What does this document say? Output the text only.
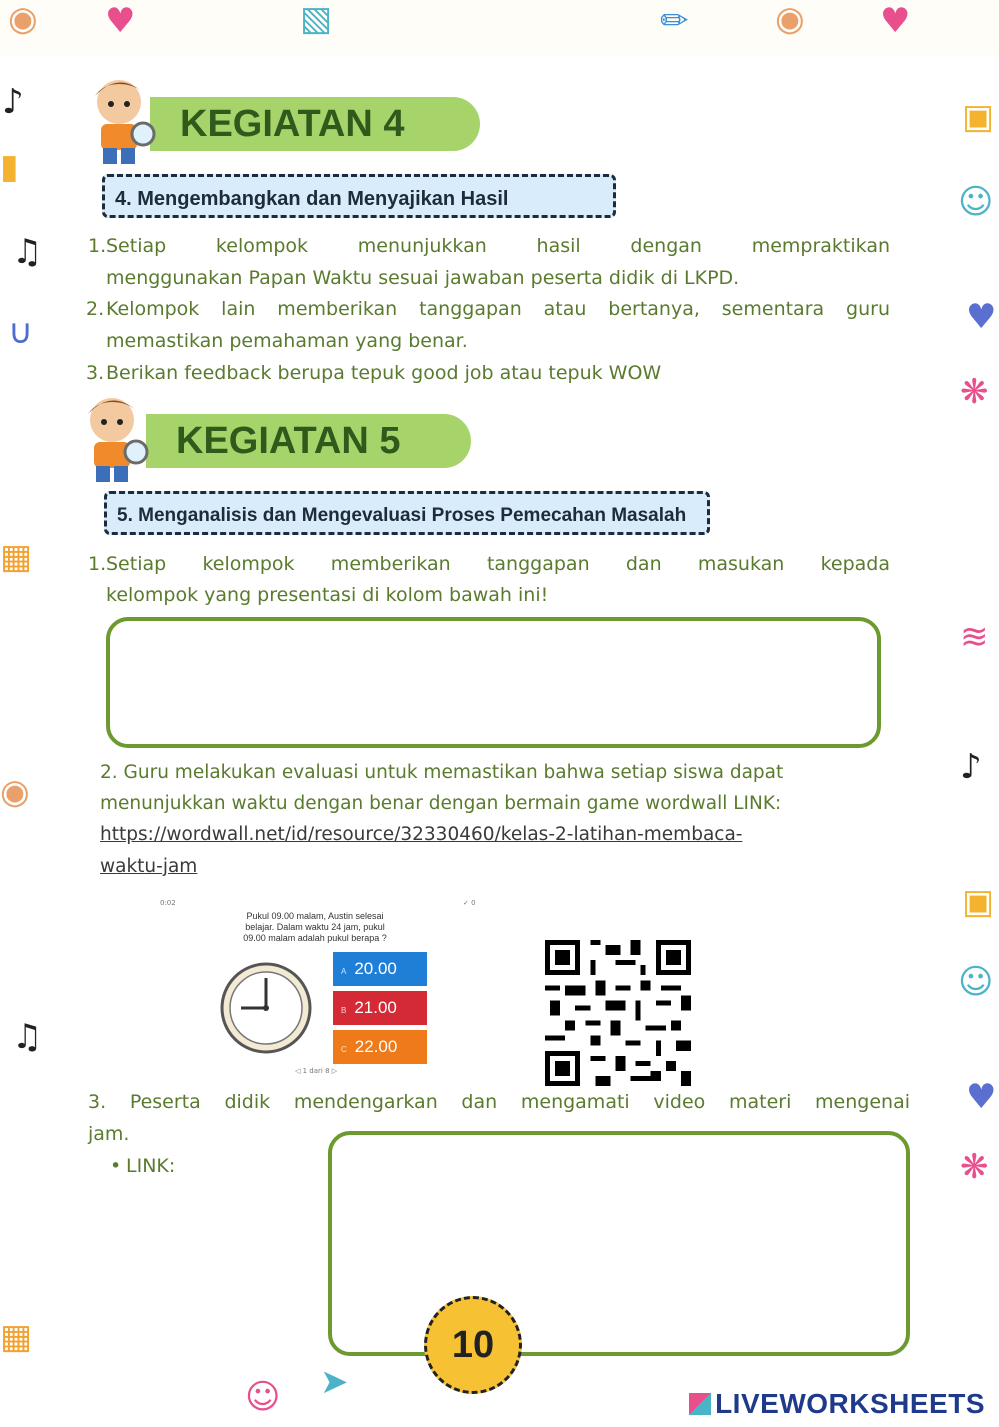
◉ ♥	▧	✏	◉ ♥
♪
▮
♫
∪
▦
◉
♫
▦
▣
☺
♥
❋
≋
♪
▣
☺
♥
❋
➤
☺
KEGIATAN 4
4. Mengembangkan dan Menyajikan Hasil
1. Setiap kelompok menunjukkan hasil dengan mempraktikan
menggunakan Papan Waktu sesuai jawaban peserta didik di LKPD.
2. Kelompok lain memberikan tanggapan atau bertanya, sementara guru
memastikan pemahaman yang benar.
3. Berikan feedback berupa tepuk good job atau tepuk WOW
KEGIATAN 5
5. Menganalisis dan Mengevaluasi Proses Pemecahan Masalah
1. Setiap kelompok memberikan tanggapan dan masukan kepada
kelompok yang presentasi di kolom bawah ini!
2. Guru melakukan evaluasi untuk memastikan bahwa setiap siswa dapat
menunjukkan waktu dengan benar dengan bermain game wordwall LINK:
https://wordwall.net/id/resource/32330460/kelas-2-latihan-membaca-
waktu-jam
0:02	✓ 0
Pukul 09.00 malam, Austin selesai
belajar. Dalam waktu 24 jam, pukul
09.00 malam adalah pukul berapa ?
A 20.00
B 21.00
C 22.00
◁ 1 dari 8 ▷
3. Peserta didik mendengarkan dan mengamati video materi mengenai
jam.
• LINK:
10
LIVEWORKSHEETS
